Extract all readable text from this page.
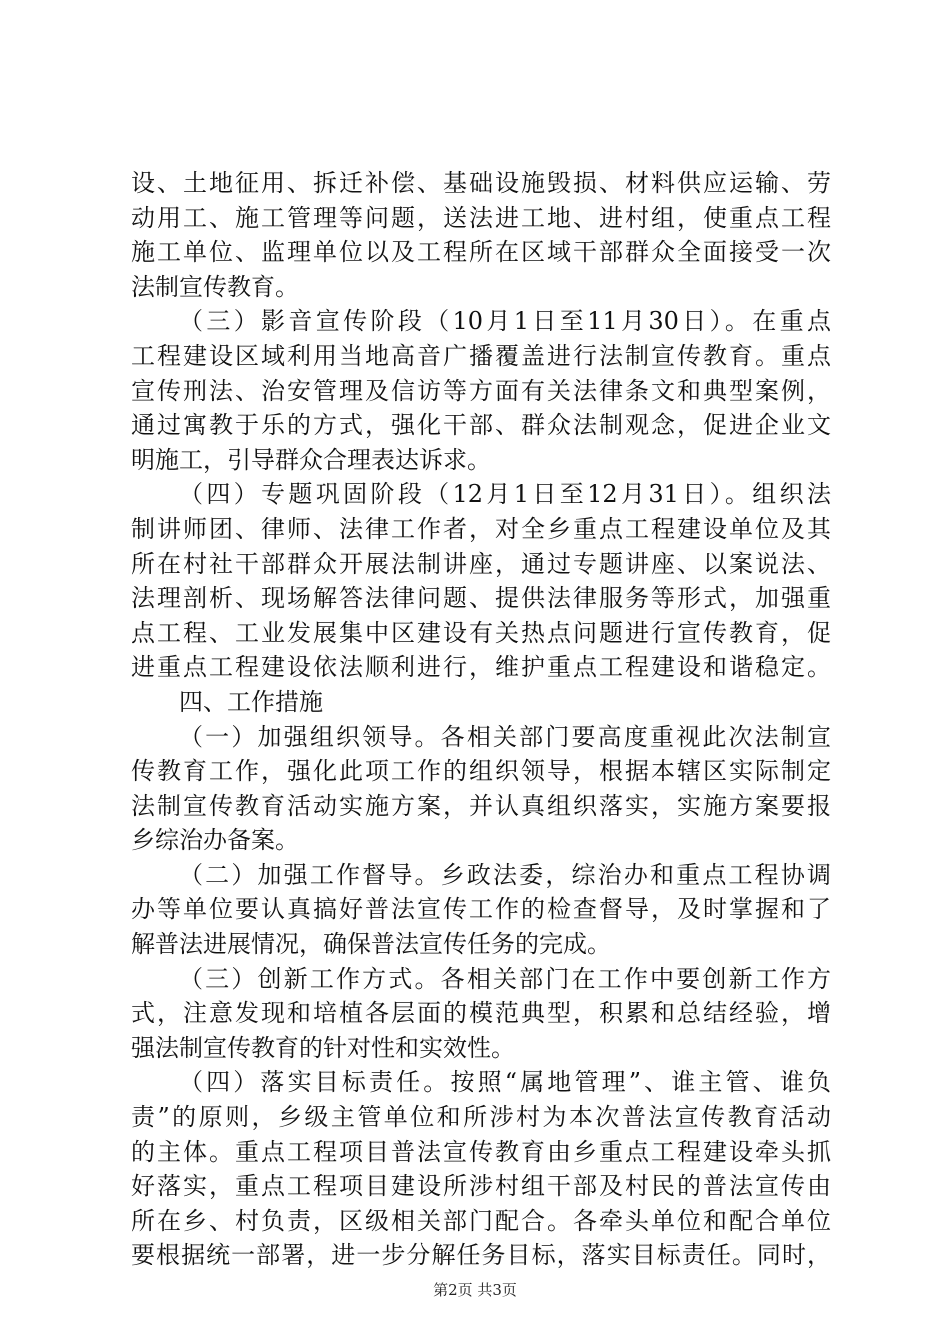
设、土地征用、拆迁补偿、基础设施毁损、材料供应运输、劳
动用工、施工管理等问题，送法进工地、进村组，使重点工程
施工单位、监理单位以及工程所在区域干部群众全面接受一次
法制宣传教育。
（三）影音宣传阶段（10月1日至11月30日）。在重点
工程建设区域利用当地高音广播覆盖进行法制宣传教育。重点
宣传刑法、治安管理及信访等方面有关法律条文和典型案例，
通过寓教于乐的方式，强化干部、群众法制观念，促进企业文
明施工，引导群众合理表达诉求。
（四）专题巩固阶段（12月1日至12月31日）。组织法
制讲师团、律师、法律工作者，对全乡重点工程建设单位及其
所在村社干部群众开展法制讲座，通过专题讲座、以案说法、
法理剖析、现场解答法律问题、提供法律服务等形式，加强重
点工程、工业发展集中区建设有关热点问题进行宣传教育，促
进重点工程建设依法顺利进行，维护重点工程建设和谐稳定。
四、工作措施
（一）加强组织领导。各相关部门要高度重视此次法制宣
传教育工作，强化此项工作的组织领导，根据本辖区实际制定
法制宣传教育活动实施方案，并认真组织落实，实施方案要报
乡综治办备案。
（二）加强工作督导。乡政法委，综治办和重点工程协调
办等单位要认真搞好普法宣传工作的检查督导，及时掌握和了
解普法进展情况，确保普法宣传任务的完成。
（三）创新工作方式。各相关部门在工作中要创新工作方
式，注意发现和培植各层面的模范典型，积累和总结经验，增
强法制宣传教育的针对性和实效性。
（四）落实目标责任。按照“属地管理”、谁主管、谁负
责”的原则，乡级主管单位和所涉村为本次普法宣传教育活动
的主体。重点工程项目普法宣传教育由乡重点工程建设牵头抓
好落实，重点工程项目建设所涉村组干部及村民的普法宣传由
所在乡、村负责，区级相关部门配合。各牵头单位和配合单位
要根据统一部署，进一步分解任务目标，落实目标责任。同时，
第2页 共3页
